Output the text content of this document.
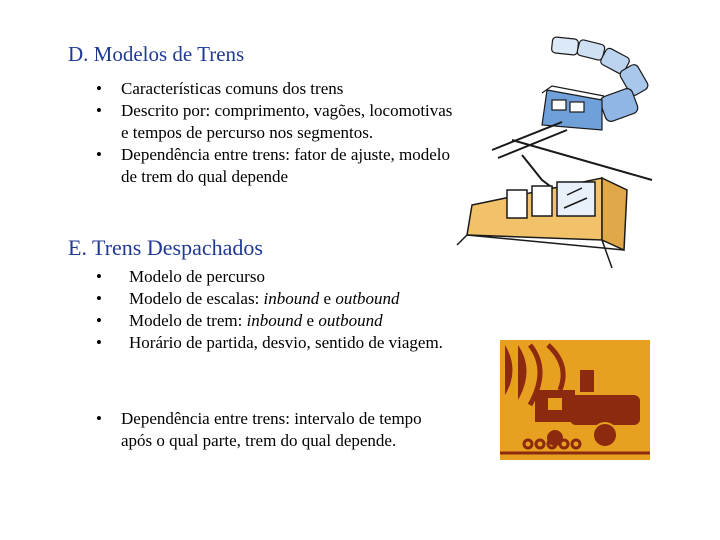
D. Modelos de Trens
• Características comuns dos trens
• Descrito por: comprimento, vagões, locomotivas e tempos de percurso nos segmentos.
• Dependência entre trens: fator de ajuste, modelo de trem do qual depende
E. Trens Despachados
• Modelo de percurso
• Modelo de escalas: inbound e outbound
• Modelo de trem: inbound e outbound
• Horário de partida, desvio, sentido de viagem.
• Dependência entre trens: intervalo de tempo após o qual parte, trem do qual depende.
